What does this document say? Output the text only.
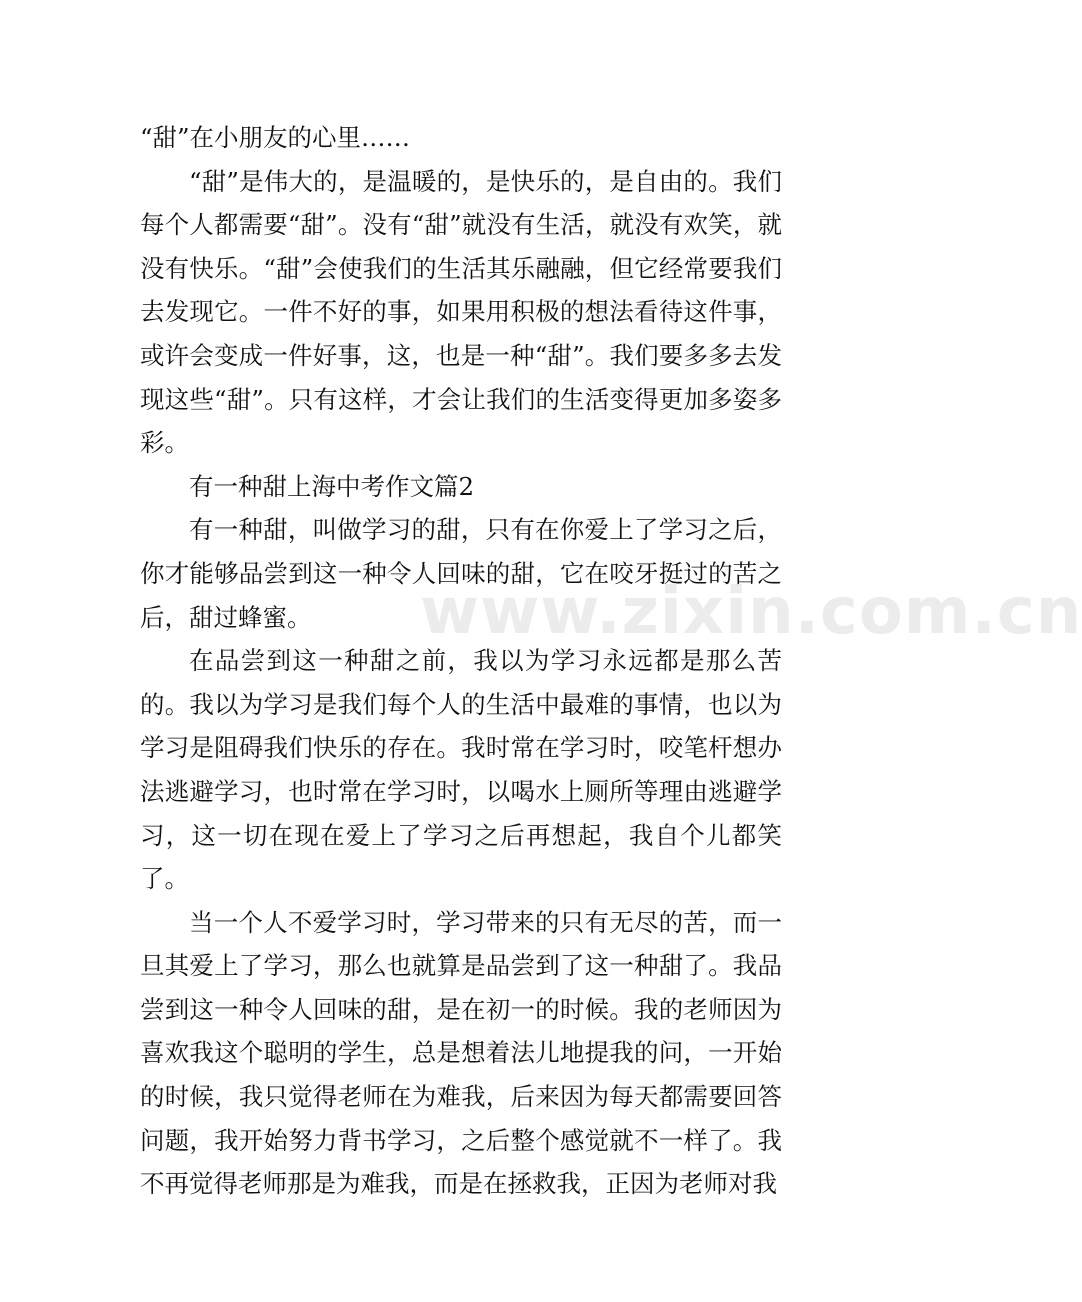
“甜”在小朋友的心里……

“甜”是伟大的，是温暖的，是快乐的，是自由的。我们每个人都需要“甜”。没有“甜”就没有生活，就没有欢笑，就没有快乐。“甜”会使我们的生活其乐融融，但它经常要我们去发现它。一件不好的事，如果用积极的想法看待这件事，或许会变成一件好事，这，也是一种“甜”。我们要多多去发现这些“甜”。只有这样，才会让我们的生活变得更加多姿多彩。

有一种甜上海中考作文篇2

有一种甜，叫做学习的甜，只有在你爱上了学习之后，你才能够品尝到这一种令人回味的甜，它在咬牙挺过的苦之后，甜过蜂蜜。

在品尝到这一种甜之前，我以为学习永远都是那么苦的。我以为学习是我们每个人的生活中最难的事情，也以为学习是阻碍我们快乐的存在。我时常在学习时，咬笔杆想办法逃避学习，也时常在学习时，以喝水上厕所等理由逃避学习，这一切在现在爱上了学习之后再想起，我自个儿都笑了。

当一个人不爱学习时，学习带来的只有无尽的苦，而一旦其爱上了学习，那么也就算是品尝到了这一种甜了。我品尝到这一种令人回味的甜，是在初一的时候。我的老师因为喜欢我这个聪明的学生，总是想着法儿地提我的问，一开始的时候，我只觉得老师在为难我，后来因为每天都需要回答问题，我开始努力背书学习，之后整个感觉就不一样了。我不再觉得老师那是为难我，而是在拯救我，正因为老师对我

www.zixin.com.cn
